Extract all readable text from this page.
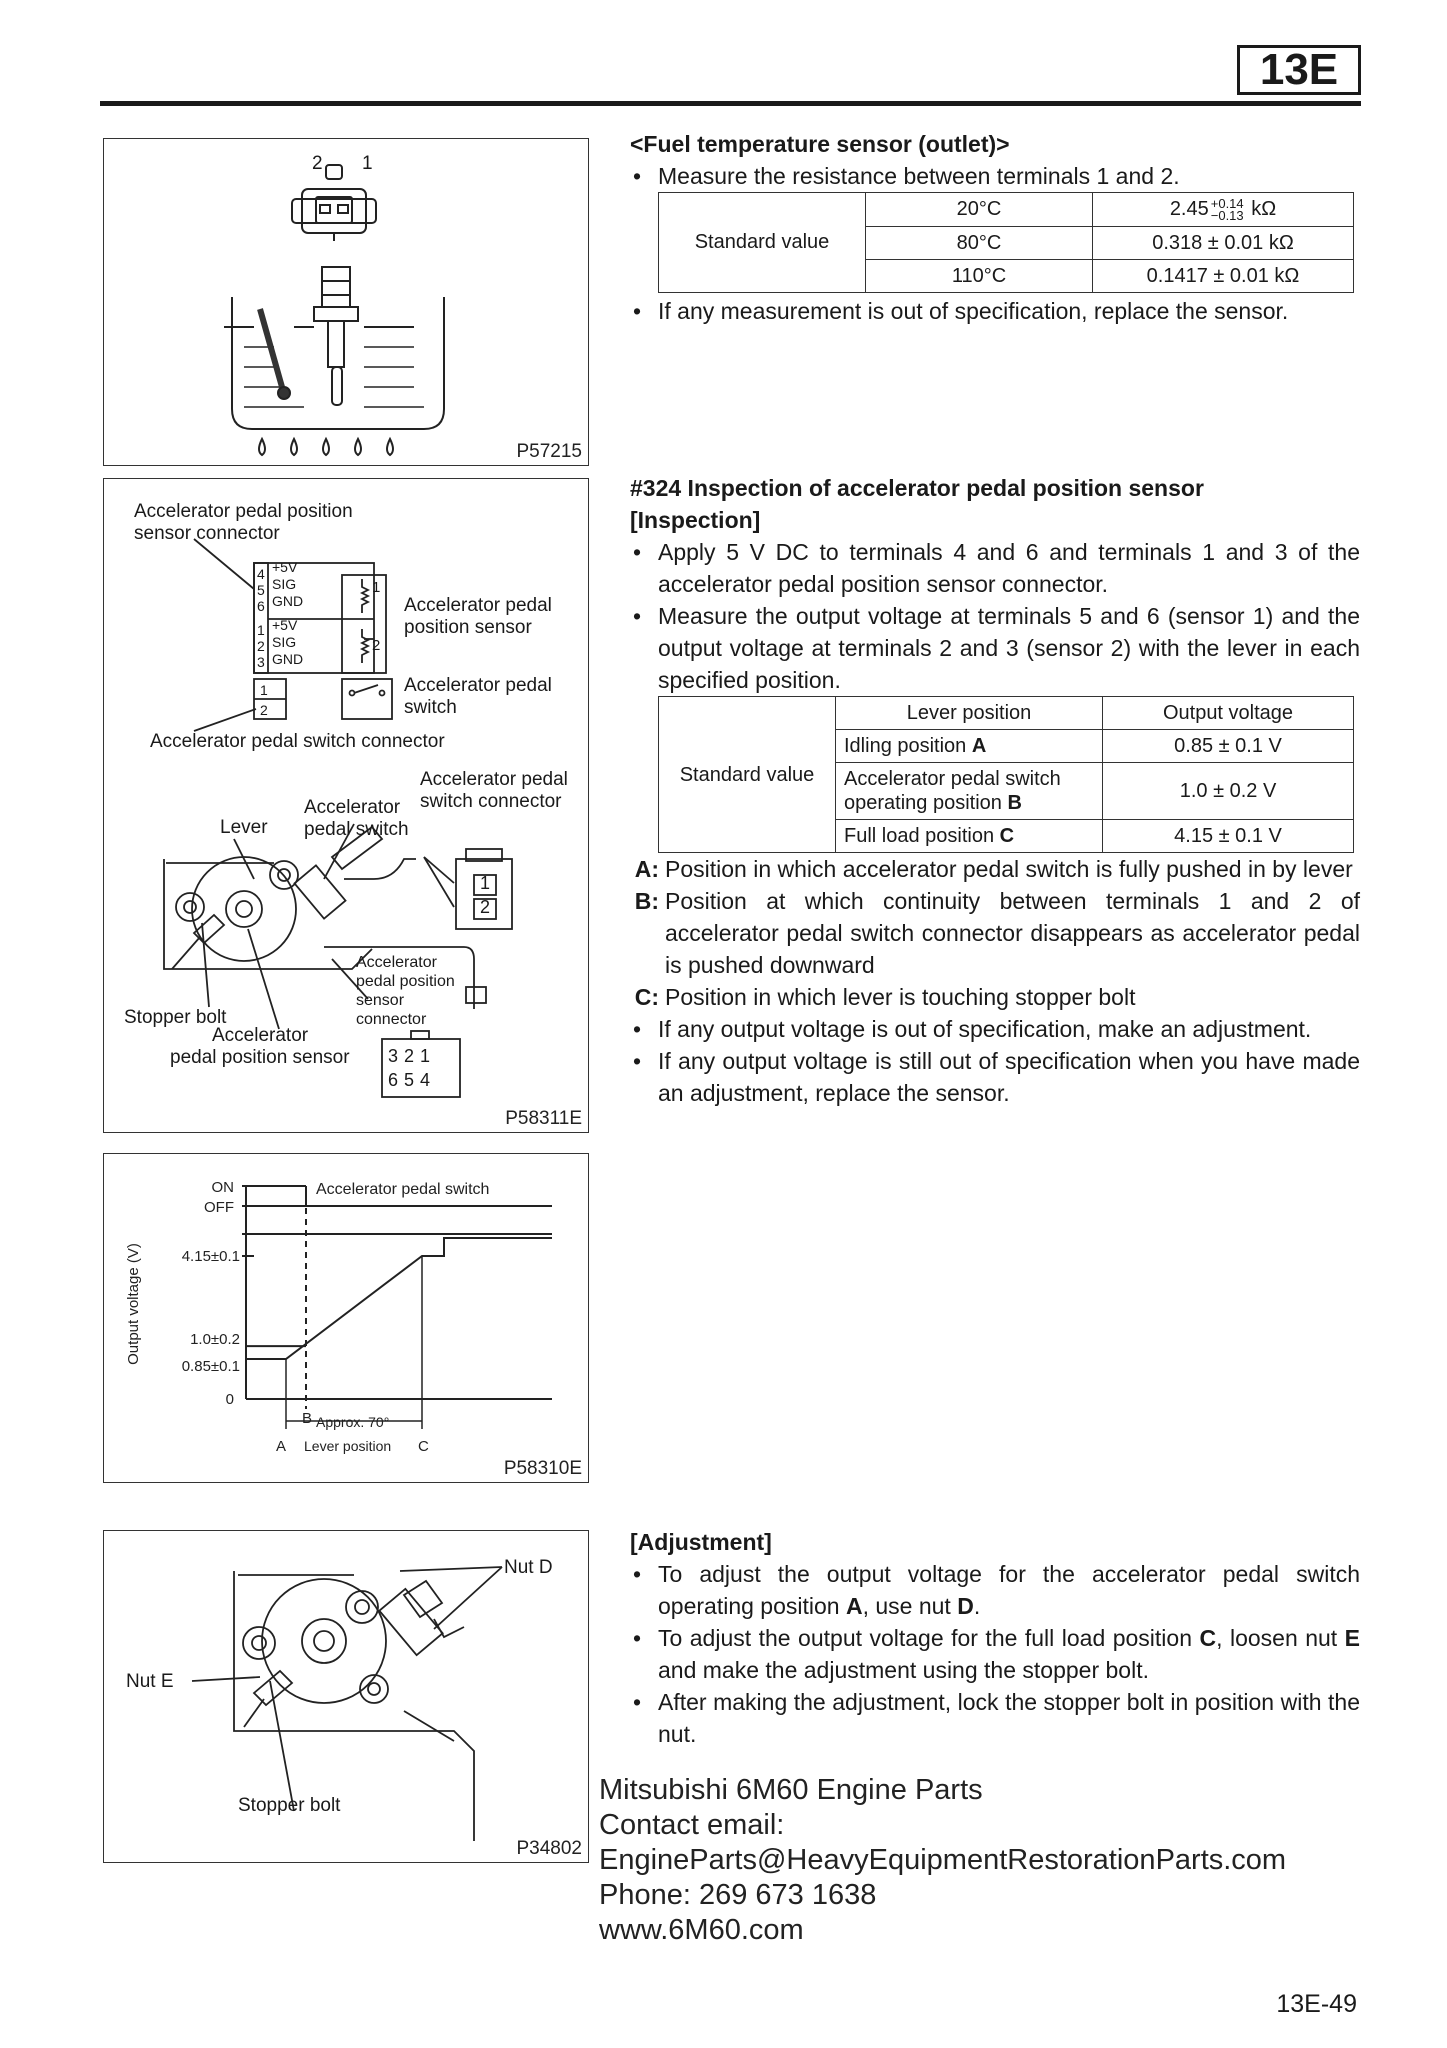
13E
2 1
P57215
Accelerator pedal position
sensor connector
4
5
6
1
2
3
+5V
SIG
GND
+5V
SIG
GND
1
2
Accelerator pedal
position sensor
1
2
Accelerator pedal
switch
Accelerator pedal switch connector
Accelerator pedal
switch connector
Accelerator
pedal switch
Lever
1
2
Accelerator
pedal position
sensor
connector
Stopper bolt
Accelerator
pedal position sensor 321
654
P58311E
ON
OFF
Accelerator pedal switch
4.15±0.1
1.0±0.2
0.85±0.1
0
Output voltage (V)
B Approx. 70°
A Lever position C
P58310E
Nut D
Nut E
Stopper bolt
P34802
<Fuel temperature sensor (outlet)>
• Measure the resistance between terminals 1 and 2.
Standard value	20°C	2.45 +0.14
−0.13 kΩ
	80°C	0.318 ± 0.01 kΩ
	110°C	0.1417 ± 0.01 kΩ
• If any measurement is out of specification, replace the sensor.
#324 Inspection of accelerator pedal position sensor
[Inspection]
• Apply 5 V DC to terminals 4 and 6 and terminals 1 and 3 of the accelerator pedal position sensor connector.
• Measure the output voltage at terminals 5 and 6 (sensor 1) and the output voltage at terminals 2 and 3 (sensor 2) with the lever in each specified position.
Standard value	Lever position	Output voltage
	Idling position A	0.85 ± 0.1 V
	Accelerator pedal switch operating position B	1.0 ± 0.2 V
	Full load position C	4.15 ± 0.1 V
A: Position in which accelerator pedal switch is fully pushed in by lever
B: Position at which continuity between terminals 1 and 2 of accelerator pedal switch connector disappears as accelerator pedal is pushed downward
C: Position in which lever is touching stopper bolt
• If any output voltage is out of specification, make an adjustment.
• If any output voltage is still out of specification when you have made an adjustment, replace the sensor.
[Adjustment]
• To adjust the output voltage for the accelerator pedal switch operating position A, use nut D.
• To adjust the output voltage for the full load position C, loosen nut E and make the adjustment using the stopper bolt.
• After making the adjustment, lock the stopper bolt in position with the nut.
Mitsubishi 6M60 Engine Parts
Contact email:
EngineParts@HeavyEquipmentRestorationParts.com
Phone: 269 673 1638
www.6M60.com
13E-49
